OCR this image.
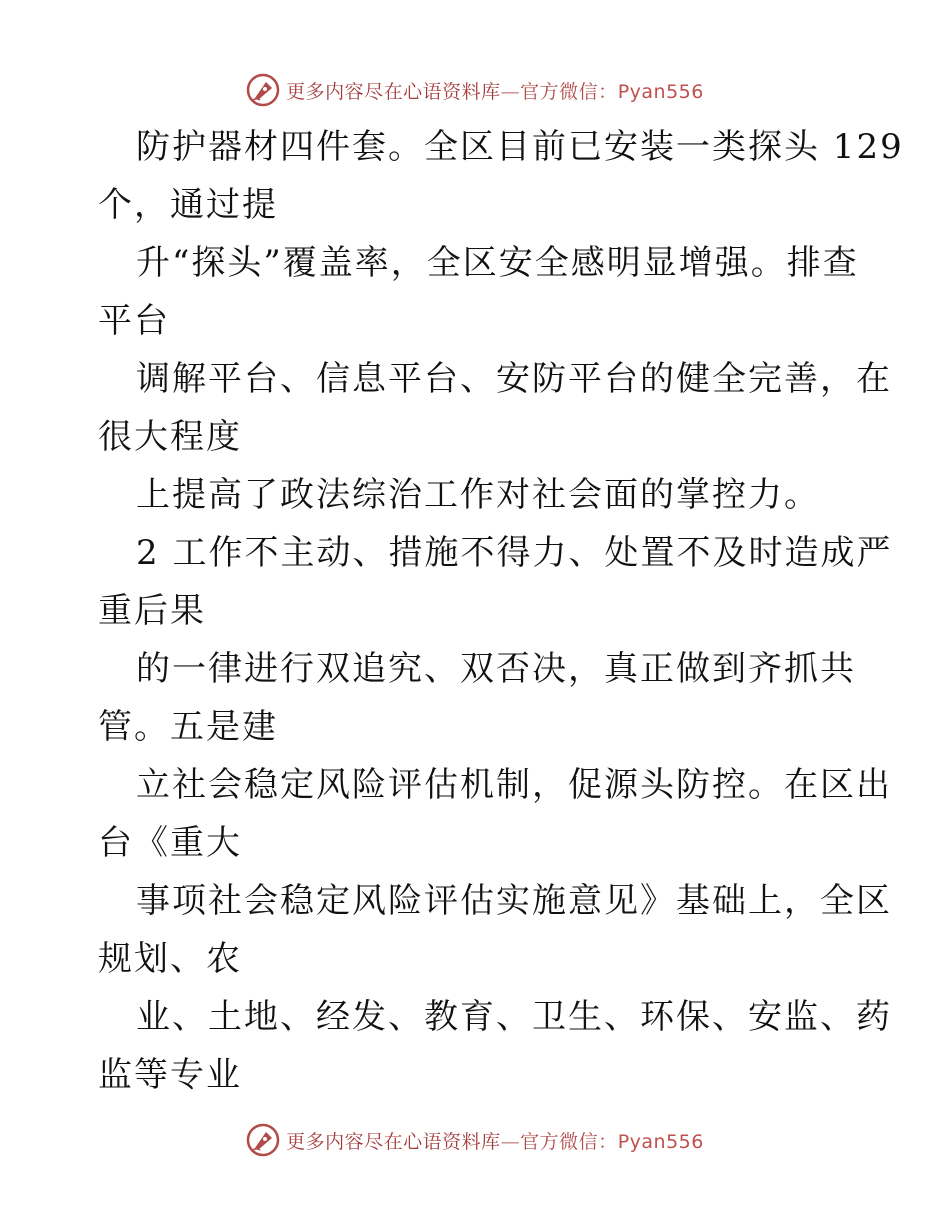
更多内容尽在心语资料库—官方微信：Pyan556
防护器材四件套。全区目前已安装一类探头 129
个，通过提
升“探头”覆盖率，全区安全感明显增强。排查
平台
调解平台、信息平台、安防平台的健全完善，在
很大程度
上提高了政法综治工作对社会面的掌控力。
2 工作不主动、措施不得力、处置不及时造成严
重后果
的一律进行双追究、双否决，真正做到齐抓共
管。五是建
立社会稳定风险评估机制，促源头防控。在区出
台《重大
事项社会稳定风险评估实施意见》基础上，全区
规划、农
业、土地、经发、教育、卫生、环保、安监、药
监等专业
更多内容尽在心语资料库—官方微信：Pyan556
